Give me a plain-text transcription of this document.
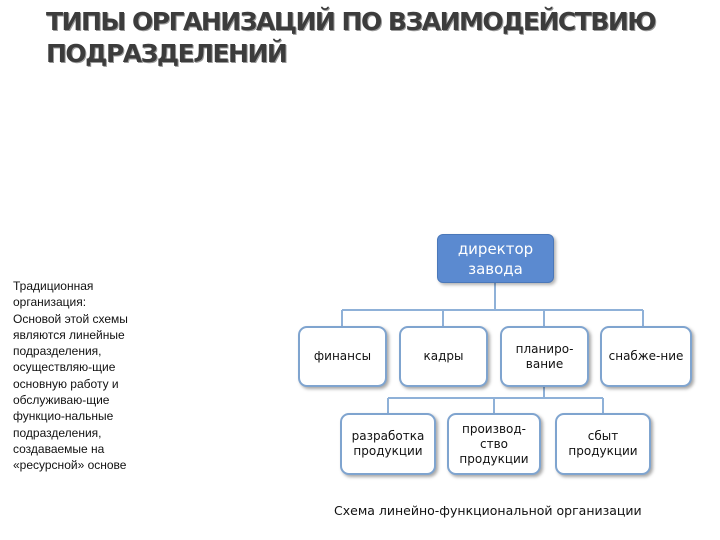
ТИПЫ ОРГАНИЗАЦИЙ ПО ВЗАИМОДЕЙСТВИЮ
ПОДРАЗДЕЛЕНИЙ
Традиционная
организация:
Основой этой схемы
являются линейные
подразделения,
осуществляю-щие
основную работу и
обслуживаю-щие
функцио-нальные
подразделения,
создаваемые на
«ресурсной» основе
директор
завода
финансы	кадры
планиро-
вание
снабже-ние
разработка
продукции
производ-
ство
продукции
сбыт
продукции
Схема линейно-функциональной организации
